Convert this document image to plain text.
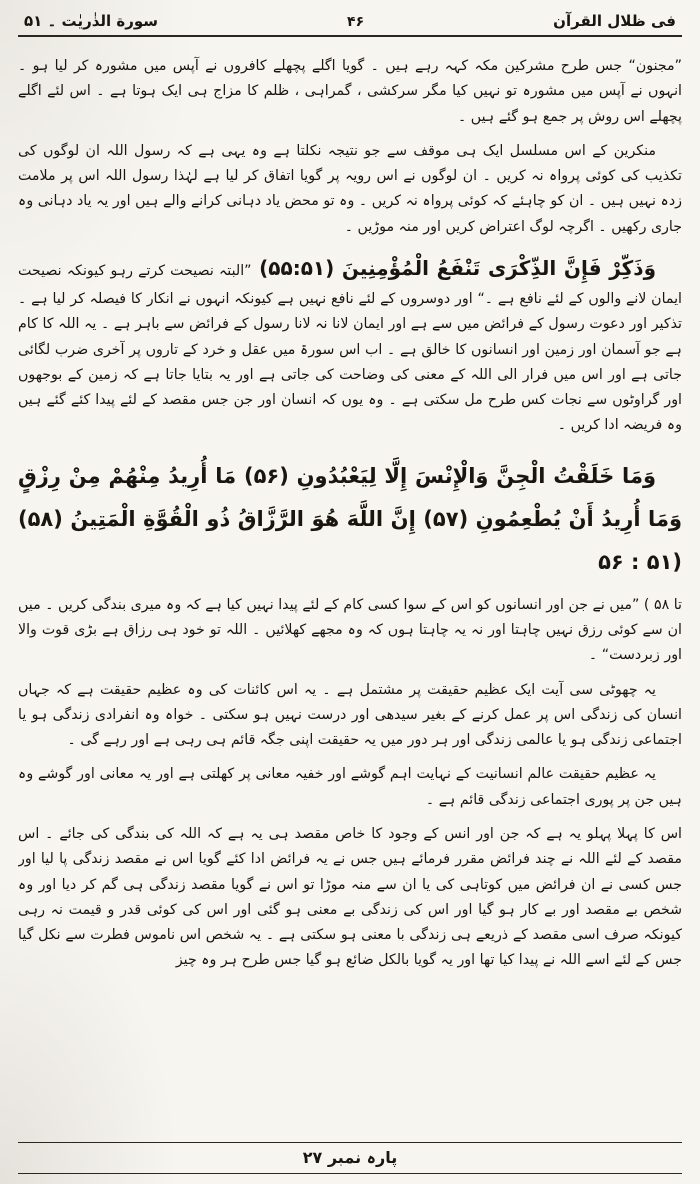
فی ظلال القرآن
۴۶
سورة الذٰریٰت ۔ ۵۱

”مجنون“ جس طرح مشرکین مکہ کہہ رہے ہیں ۔ گویا اگلے پچھلے کافروں نے آپس میں مشورہ کر لیا ہو ۔ انہوں نے آپس میں مشورہ تو نہیں کیا مگر سرکشی ، گمراہی ، ظلم کا مزاج ہی ایک ہوتا ہے ۔ اس لئے اگلے پچھلے اس روش پر جمع ہو گئے ہیں ۔

منکرین کے اس مسلسل ایک ہی موقف سے جو نتیجہ نکلتا ہے وہ یہی ہے کہ رسول اللہ ان لوگوں کی تکذیب کی کوئی پرواہ نہ کریں ۔ ان لوگوں نے اس رویہ پر گویا اتفاق کر لیا ہے لہٰذا رسول اللہ اس پر ملامت زدہ نہیں ہیں ۔ ان کو چاہئے کہ کوئی پرواہ نہ کریں ۔ وہ تو محض یاد دہانی کرانے والے ہیں اور یہ یاد دہانی وہ جاری رکھیں ۔ اگرچہ لوگ اعتراض کریں اور منہ موڑیں ۔

وَذَكِّرْ فَإِنَّ الذِّكْرَى تَنْفَعُ الْمُؤْمِنِينَ (۵۵:۵۱) ”البتہ نصیحت کرتے رہو کیونکہ نصیحت ایمان لانے والوں کے لئے نافع ہے ۔“ اور دوسروں کے لئے نافع نہیں ہے کیونکہ انہوں نے انکار کا فیصلہ کر لیا ہے ۔ تذکیر اور دعوت رسول کے فرائض میں سے ہے اور ایمان لانا نہ لانا رسول کے فرائض سے باہر ہے ۔ یہ اللہ کا کام ہے جو آسمان اور زمین اور انسانوں کا خالق ہے ۔ اب اس سورۃ میں عقل و خرد کے تاروں پر آخری ضرب لگائی جاتی ہے اور اس میں فرار الی اللہ کے معنی کی وضاحت کی جاتی ہے اور یہ بتایا جاتا ہے کہ زمین کے بوجھوں اور گراوٹوں سے نجات کس طرح مل سکتی ہے ۔ وہ یوں کہ انسان اور جن جس مقصد کے لئے پیدا کئے گئے ہیں وہ فریضہ ادا کریں ۔

وَمَا خَلَقْتُ الْجِنَّ وَالْإِنْسَ إِلَّا لِيَعْبُدُونِ (۵۶) مَا أُرِيدُ مِنْهُمْ مِنْ رِزْقٍ وَمَا أُرِيدُ أَنْ يُطْعِمُونِ (۵۷) إِنَّ اللَّهَ هُوَ الرَّزَّاقُ ذُو الْقُوَّةِ الْمَتِينُ (۵۸) (۵۱ : ۵۶

تا ۵۸ ) ”میں نے جن اور انسانوں کو اس کے سوا کسی کام کے لئے پیدا نہیں کیا ہے کہ وہ میری بندگی کریں ۔ میں ان سے کوئی رزق نہیں چاہتا اور نہ یہ چاہتا ہوں کہ وہ مجھے کھلائیں ۔ اللہ تو خود ہی رزاق ہے بڑی قوت والا اور زبردست“ ۔

یہ چھوٹی سی آیت ایک عظیم حقیقت پر مشتمل ہے ۔ یہ اس کائنات کی وہ عظیم حقیقت ہے کہ جہاں انسان کی زندگی اس پر عمل کرنے کے بغیر سیدھی اور درست نہیں ہو سکتی ۔ خواہ وہ انفرادی زندگی ہو یا اجتماعی زندگی ہو یا عالمی زندگی اور ہر دور میں یہ حقیقت اپنی جگہ قائم ہی رہی ہے اور رہے گی ۔

یہ عظیم حقیقت عالم انسانیت کے نہایت اہم گوشے اور خفیہ معانی پر کھلتی ہے اور یہ معانی اور گوشے وہ ہیں جن پر پوری اجتماعی زندگی قائم ہے ۔

اس کا پہلا پہلو یہ ہے کہ جن اور انس کے وجود کا خاص مقصد ہی یہ ہے کہ اللہ کی بندگی کی جائے ۔ اس مقصد کے لئے اللہ نے چند فرائض مقرر فرمائے ہیں جس نے یہ فرائض ادا کئے گویا اس نے مقصد زندگی پا لیا اور جس کسی نے ان فرائض میں کوتاہی کی یا ان سے منہ موڑا تو اس نے گویا مقصد زندگی ہی گم کر دیا اور وہ شخص بے مقصد اور بے کار ہو گیا اور اس کی زندگی بے معنی ہو گئی اور اس کی کوئی قدر و قیمت نہ رہی کیونکہ صرف اسی مقصد کے ذریعے ہی زندگی با معنی ہو سکتی ہے ۔ یہ شخص اس ناموس فطرت سے نکل گیا جس کے لئے اسے اللہ نے پیدا کیا تھا اور یہ گویا بالکل ضائع ہو گیا جس طرح ہر وہ چیز

پارہ نمبر ۲۷
